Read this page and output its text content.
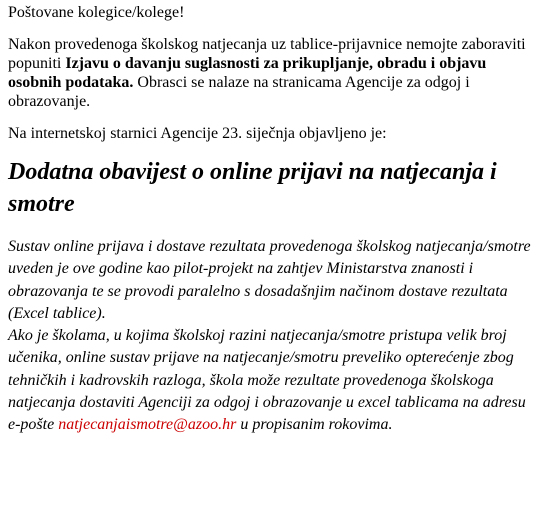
Poštovane kolegice/kolege!

Nakon provedenoga školskog natjecanja uz tablice-prijavnice nemojte zaboraviti popuniti Izjavu o davanju suglasnosti za prikupljanje, obradu i objavu osobnih podataka. Obrasci se nalaze na stranicama Agencije za odgoj i obrazovanje.

Na internetskoj starnici Agencije 23. siječnja objavljeno je:

Dodatna obavijest o online prijavi na natjecanja i smotre

Sustav online prijava i dostave rezultata provedenoga školskog natjecanja/smotre uveden je ove godine kao pilot-projekt na zahtjev Ministarstva znanosti i obrazovanja te se provodi paralelno s dosadašnjim načinom dostave rezultata (Excel tablice).
Ako je školama, u kojima školskoj razini natjecanja/smotre pristupa velik broj učenika, online sustav prijave na natjecanje/smotru preveliko opterećenje zbog tehničkih i kadrovskih razloga, škola može rezultate provedenoga školskoga natjecanja dostaviti Agenciji za odgoj i obrazovanje u excel tablicama na adresu e-pošte natjecanjaismotre@azoo.hr u propisanim rokovima.
